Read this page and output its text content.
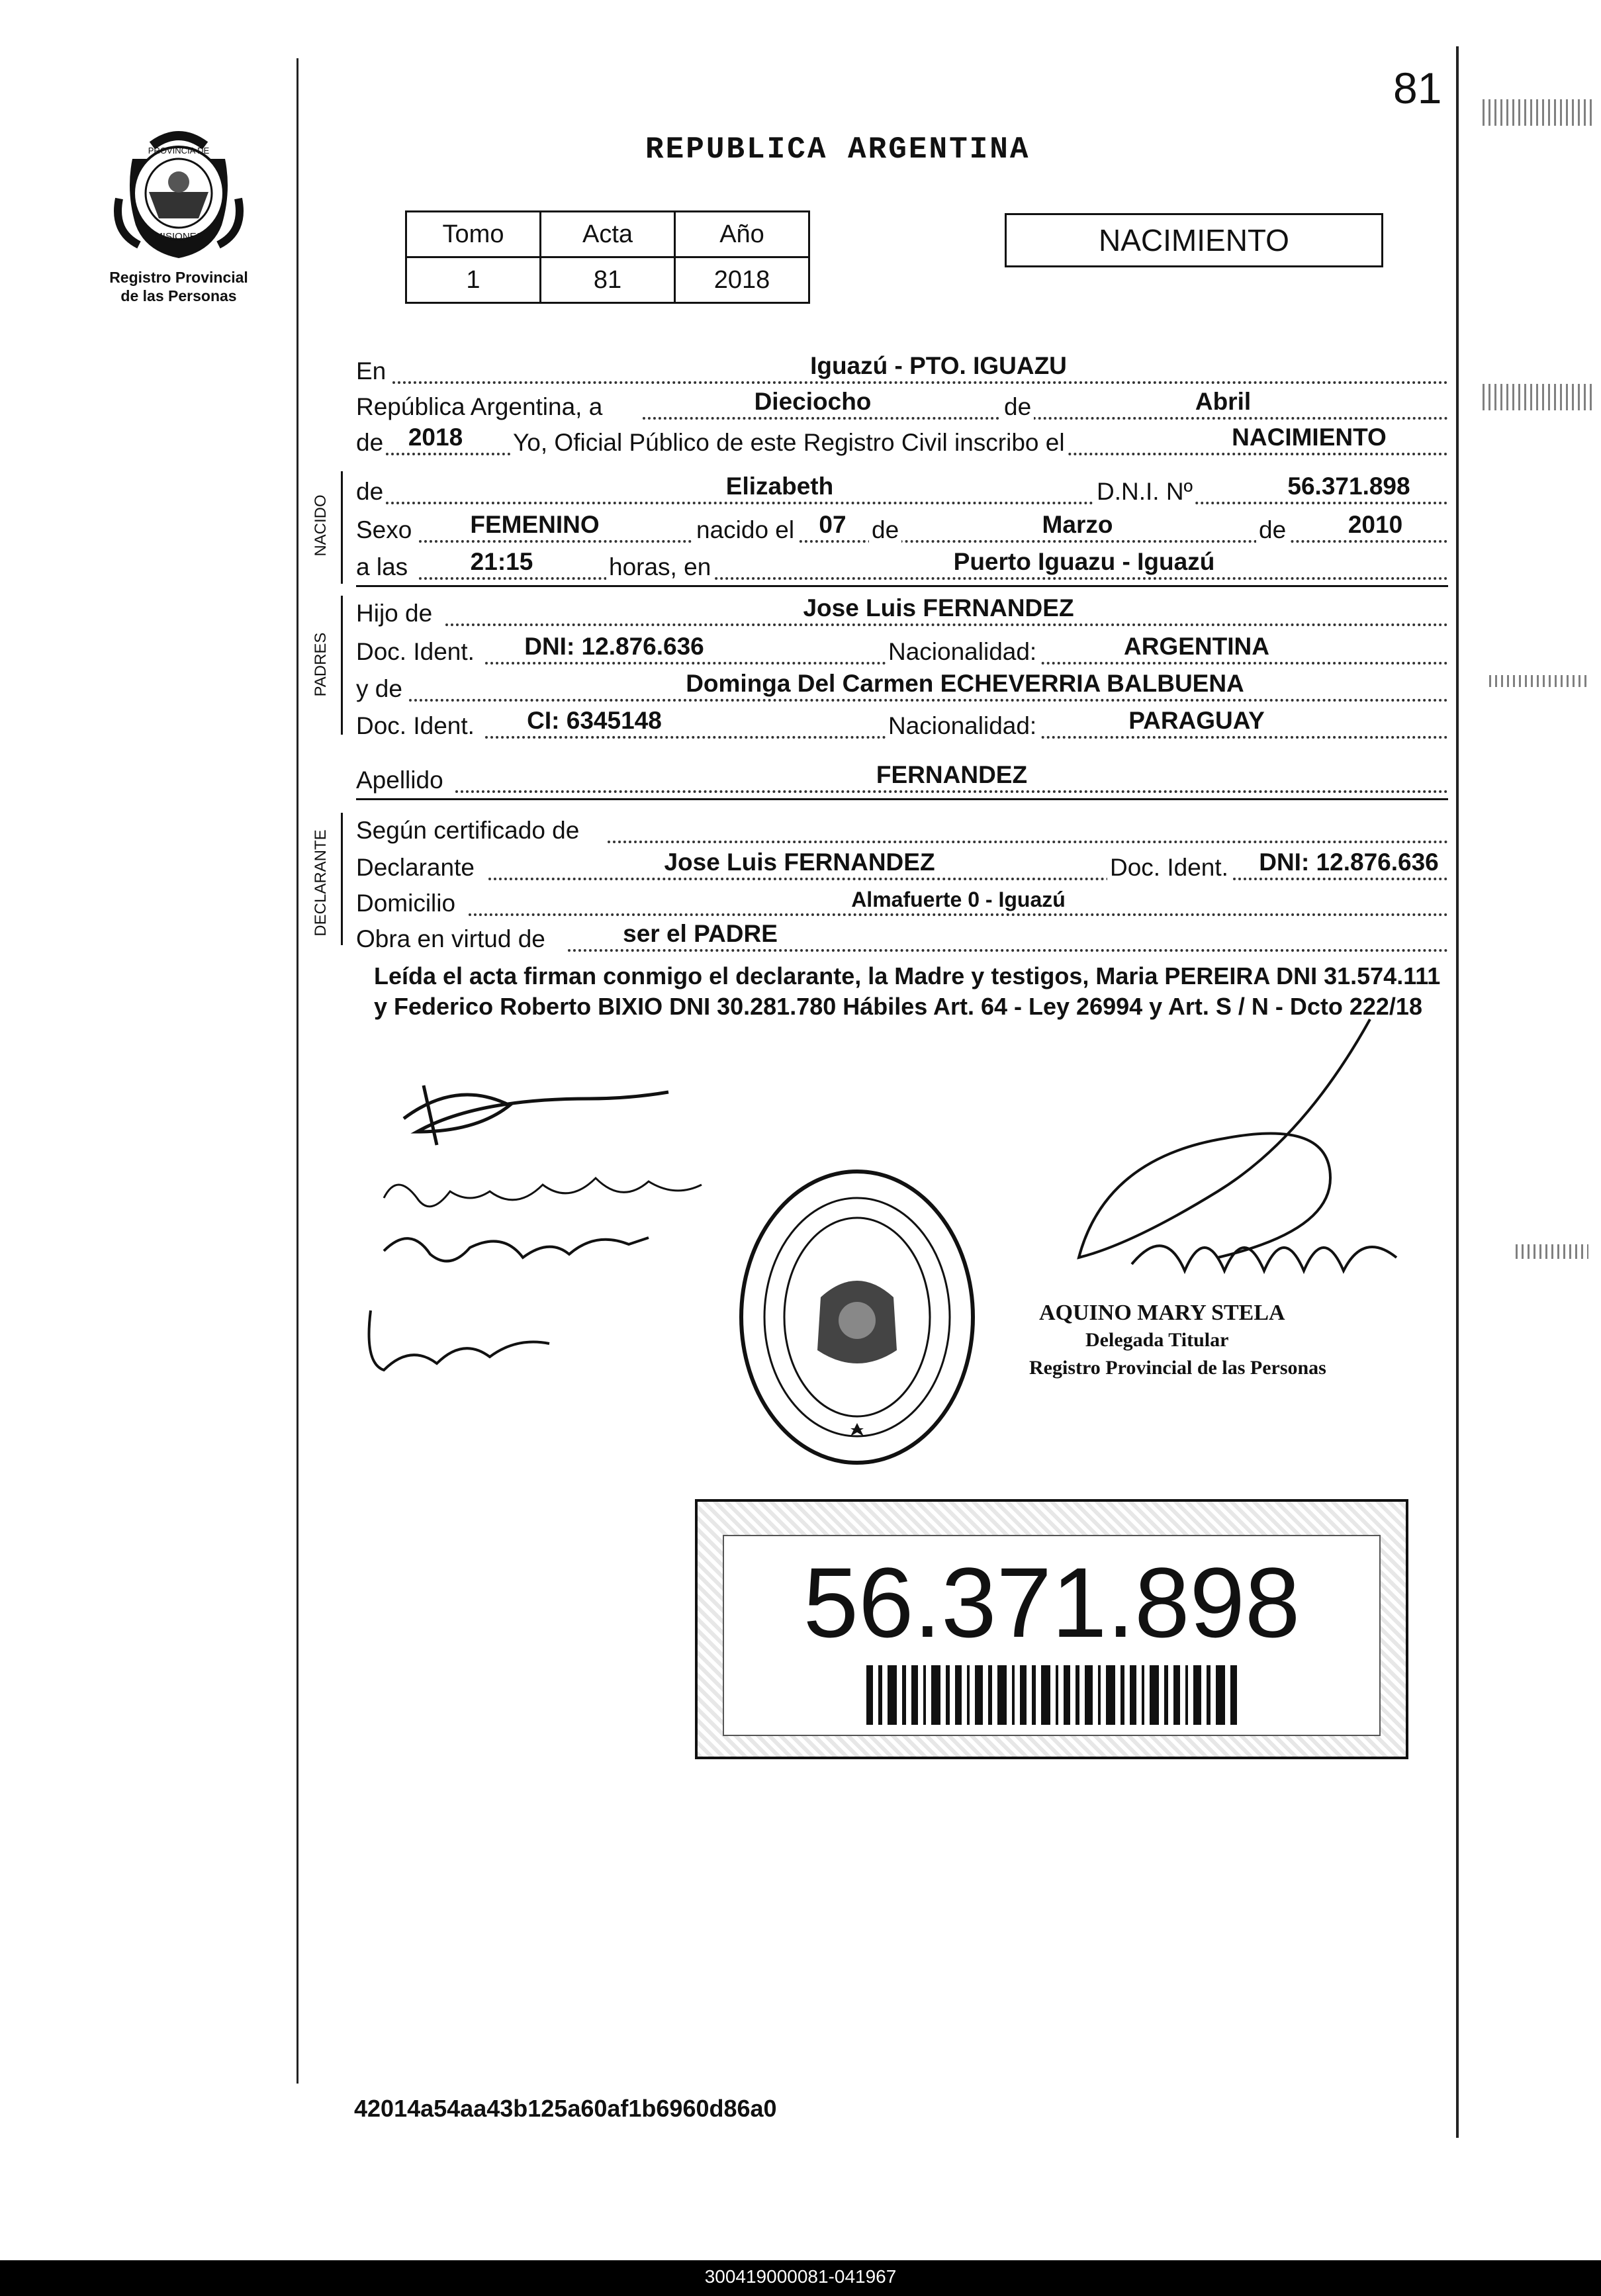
81
PROVINCIA DE
MISIONES
Registro Provincial
de las Personas
REPUBLICA ARGENTINA
Tomo	Acta	Año
1	81	2018
NACIMIENTO
En	Iguazú - PTO. IGUAZU
República Argentina, a	Dieciocho	de	Abril
de	2018	Yo, Oficial Público de este Registro Civil inscribo el	NACIMIENTO
NACIDO
de	Elizabeth	D.N.I. Nº	56.371.898
Sexo	FEMENINO	nacido el 07 de	Marzo	de	2010
a las	21:15	horas, en	Puerto Iguazu - Iguazú
PADRES
Hijo de	Jose Luis FERNANDEZ
Doc. Ident.	DNI: 12.876.636	Nacionalidad:	ARGENTINA
y de	Dominga Del Carmen ECHEVERRIA BALBUENA
Doc. Ident.	CI: 6345148	Nacionalidad:	PARAGUAY
Apellido	FERNANDEZ
DECLARANTE Según certificado de
Declarante	Jose Luis FERNANDEZ	Doc. Ident.	DNI: 12.876.636
Domicilio	Almafuerte 0 - Iguazú
Obra en virtud de	ser el PADRE
Leída el acta firman conmigo el declarante, la Madre y testigos, Maria PEREIRA DNI 31.574.111 y Federico Roberto BIXIO DNI 30.281.780 Hábiles Art. 64 - Ley 26994 y Art. S / N - Dcto 222/18
AQUINO MARY STELA
Delegada Titular
Registro Provincial de las Personas
56.371.898
42014a54aa43b125a60af1b6960d86a0
300419000081-041967
